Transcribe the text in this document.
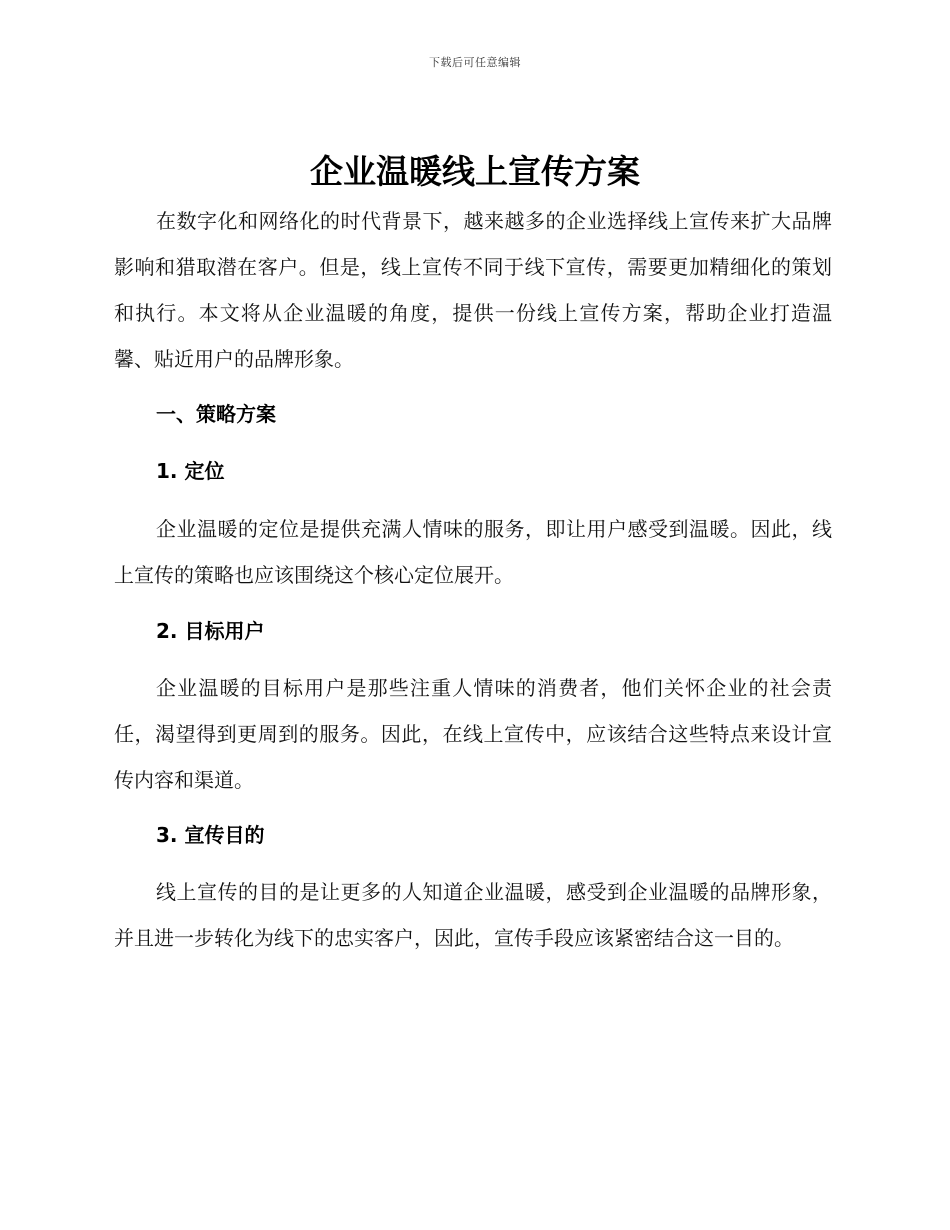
下载后可任意编辑
企业温暖线上宣传方案

在数字化和网络化的时代背景下，越来越多的企业选择线上宣传来扩大品牌影响和猎取潜在客户。但是，线上宣传不同于线下宣传，需要更加精细化的策划和执行。本文将从企业温暖的角度，提供一份线上宣传方案，帮助企业打造温馨、贴近用户的品牌形象。

一、策略方案
1. 定位

企业温暖的定位是提供充满人情味的服务，即让用户感受到温暖。因此，线上宣传的策略也应该围绕这个核心定位展开。

2. 目标用户

企业温暖的目标用户是那些注重人情味的消费者，他们关怀企业的社会责任，渴望得到更周到的服务。因此，在线上宣传中，应该结合这些特点来设计宣传内容和渠道。

3. 宣传目的

线上宣传的目的是让更多的人知道企业温暖，感受到企业温暖的品牌形象，并且进一步转化为线下的忠实客户，因此，宣传手段应该紧密结合这一目的。
